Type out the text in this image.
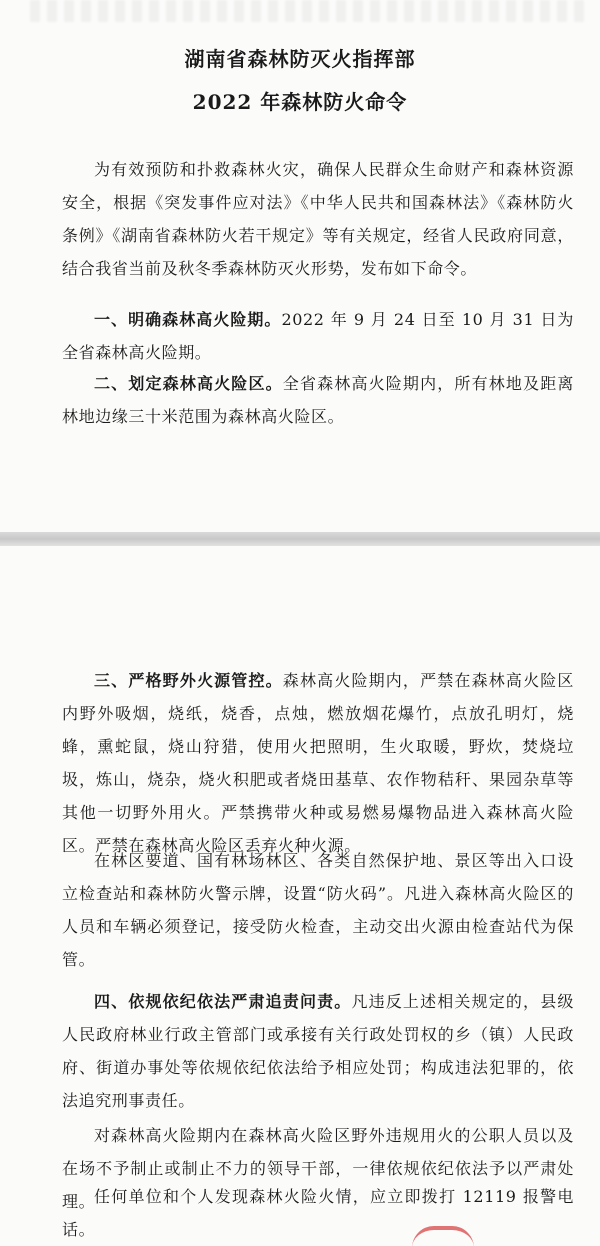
湖南省森林防灭火指挥部
2022 年森林防火命令

为有效预防和扑救森林火灾，确保人民群众生命财产和森林资源安全，根据《突发事件应对法》《中华人民共和国森林法》《森林防火条例》《湖南省森林防火若干规定》等有关规定，经省人民政府同意，结合我省当前及秋冬季森林防灭火形势，发布如下命令。

一、明确森林高火险期。2022 年 9 月 24 日至 10 月 31 日为全省森林高火险期。

二、划定森林高火险区。全省森林高火险期内，所有林地及距离林地边缘三十米范围为森林高火险区。

三、严格野外火源管控。森林高火险期内，严禁在森林高火险区内野外吸烟，烧纸，烧香，点烛，燃放烟花爆竹，点放孔明灯，烧蜂，熏蛇鼠，烧山狩猎，使用火把照明，生火取暖，野炊，焚烧垃圾，炼山，烧杂，烧火积肥或者烧田基草、农作物秸秆、果园杂草等其他一切野外用火。严禁携带火种或易燃易爆物品进入森林高火险区。严禁在森林高火险区丢弃火种火源。

在林区要道、国有林场林区、各类自然保护地、景区等出入口设立检查站和森林防火警示牌，设置“防火码”。凡进入森林高火险区的人员和车辆必须登记，接受防火检查，主动交出火源由检查站代为保管。

四、依规依纪依法严肃追责问责。凡违反上述相关规定的，县级人民政府林业行政主管部门或承接有关行政处罚权的乡（镇）人民政府、街道办事处等依规依纪依法给予相应处罚；构成违法犯罪的，依法追究刑事责任。

对森林高火险期内在森林高火险区野外违规用火的公职人员以及在场不予制止或制止不力的领导干部，一律依规依纪依法予以严肃处理。

任何单位和个人发现森林火险火情，应立即拨打 12119 报警电话。
